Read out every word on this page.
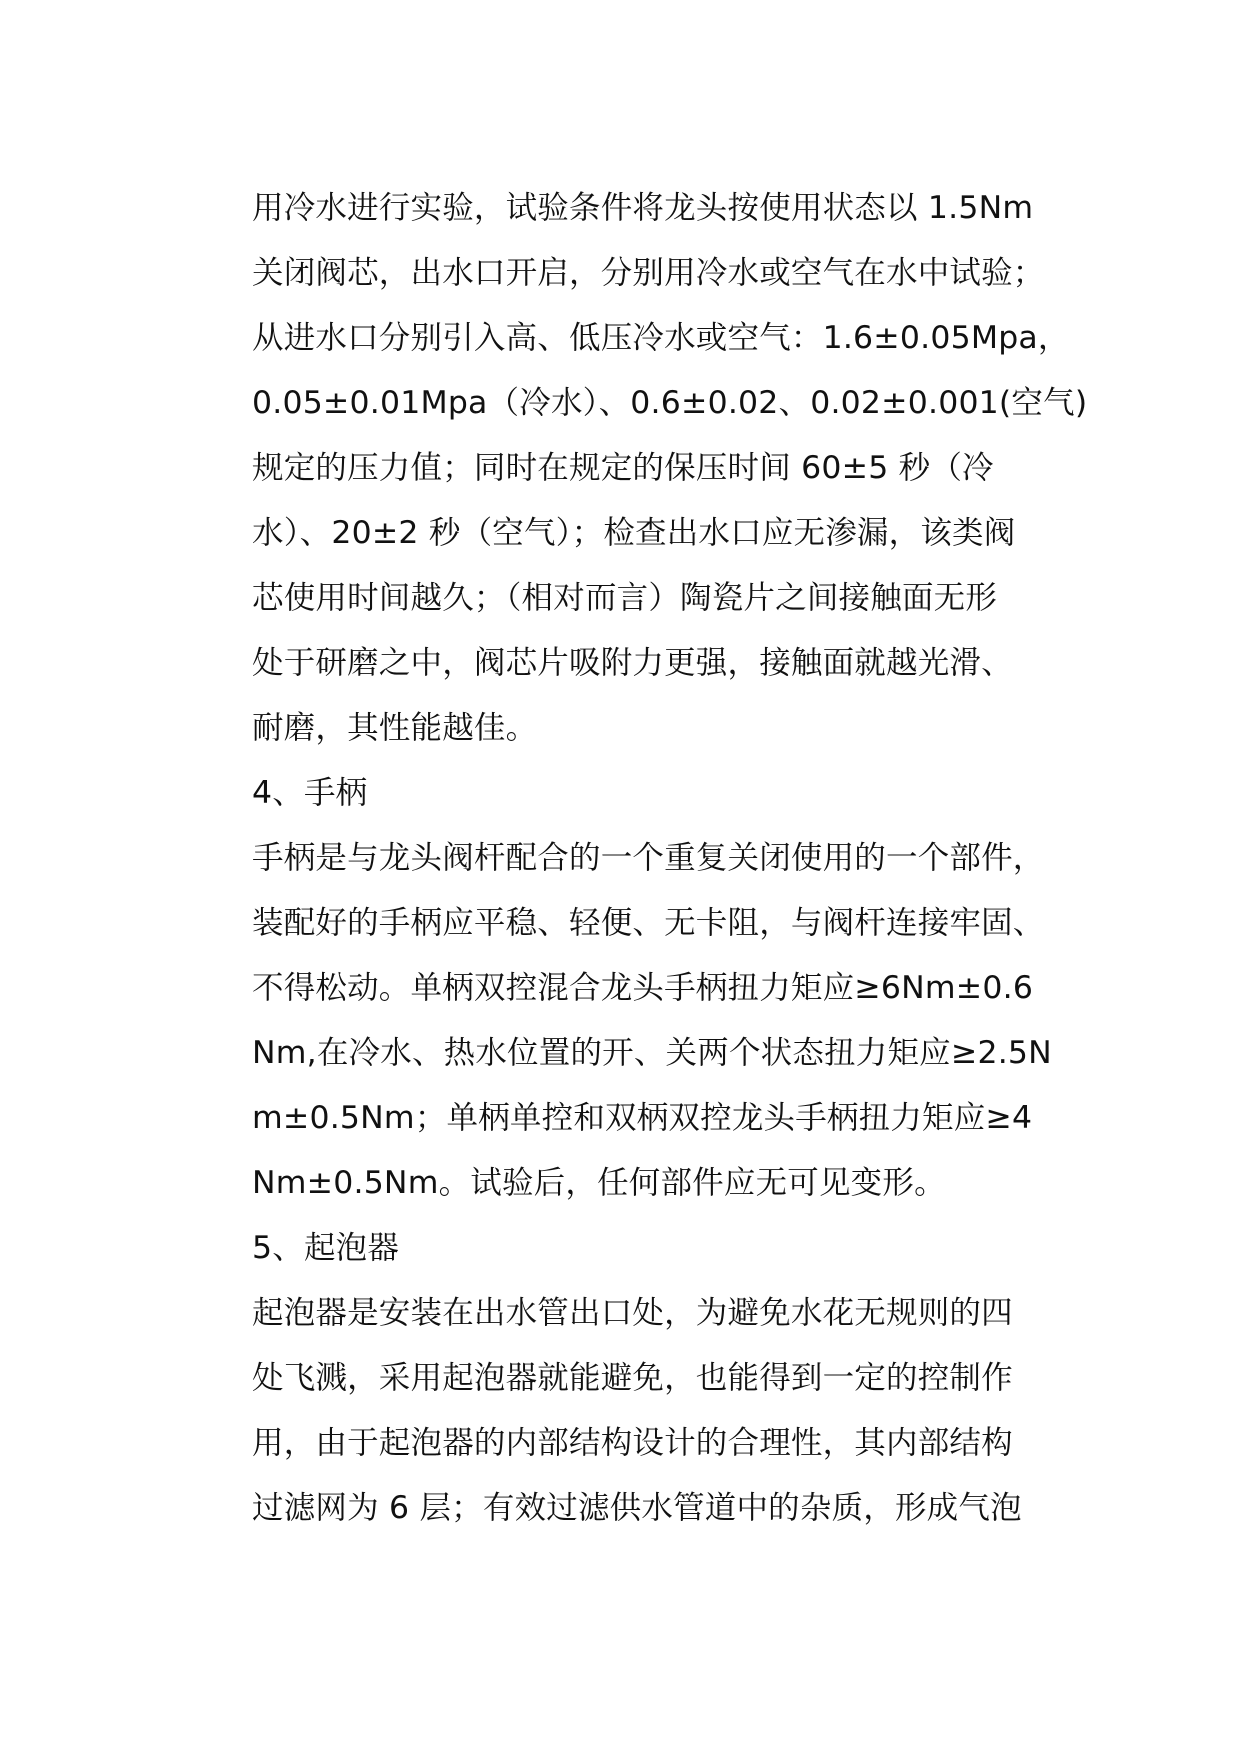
用冷水进行实验，试验条件将龙头按使用状态以 1.5Nm
关闭阀芯，出水口开启，分别用冷水或空气在水中试验；
从进水口分别引入高、低压冷水或空气：1.6±0.05Mpa，
0.05±0.01Mpa（冷水）、0.6±0.02、0.02±0.001(空气)
规定的压力值；同时在规定的保压时间 60±5 秒（冷
水）、20±2 秒（空气）；检查出水口应无渗漏，该类阀
芯使用时间越久；（相对而言）陶瓷片之间接触面无形
处于研磨之中，阀芯片吸附力更强，接触面就越光滑、
耐磨，其性能越佳。
4、手柄
手柄是与龙头阀杆配合的一个重复关闭使用的一个部件，
装配好的手柄应平稳、轻便、无卡阻，与阀杆连接牢固、
不得松动。单柄双控混合龙头手柄扭力矩应≥6Nm±0.6
Nm,在冷水、热水位置的开、关两个状态扭力矩应≥2.5N
m±0.5Nm；单柄单控和双柄双控龙头手柄扭力矩应≥4
Nm±0.5Nm。试验后，任何部件应无可见变形。
5、起泡器
起泡器是安装在出水管出口处，为避免水花无规则的四
处飞溅，采用起泡器就能避免，也能得到一定的控制作
用，由于起泡器的内部结构设计的合理性，其内部结构
过滤网为 6 层；有效过滤供水管道中的杂质，形成气泡
